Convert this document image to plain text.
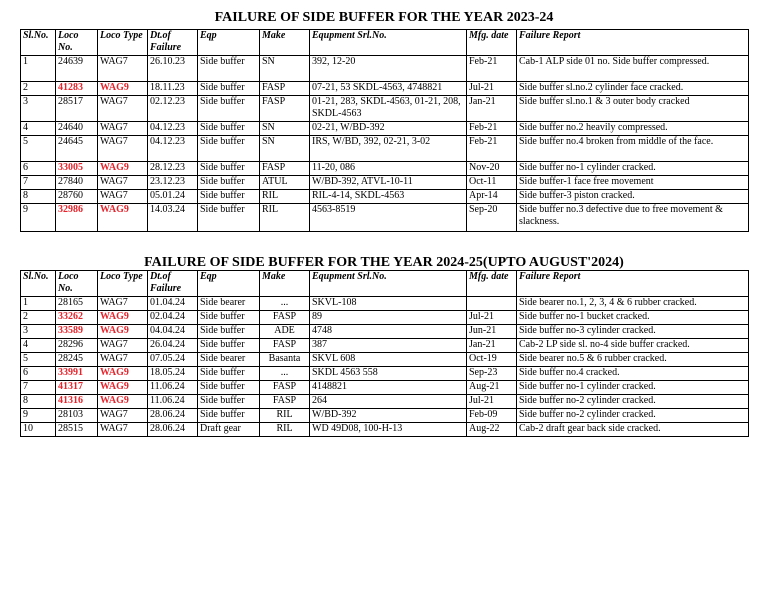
FAILURE OF SIDE BUFFER FOR THE YEAR 2023-24
Sl.No.	Loco No.	Loco Type	Dt.of Failure	Eqp	Make	Equpment Srl.No.	Mfg. date	Failure Report
1	24639	WAG7	26.10.23	Side buffer	SN	392, 12-20	Feb-21	Cab-1 ALP side 01 no. Side buffer compressed.
2	41283	WAG9	18.11.23	Side buffer	FASP	07-21, 53 SKDL-4563, 4748821	Jul-21	Side buffer sl.no.2 cylinder face cracked.
3	28517	WAG7	02.12.23	Side buffer	FASP	01-21, 283, SKDL-4563, 01-21, 208, SKDL-4563	Jan-21	Side buffer sl.no.1 & 3 outer body cracked
4	24640	WAG7	04.12.23	Side buffer	SN	02-21, W/BD-392	Feb-21	Side buffer no.2 heavily compressed.
5	24645	WAG7	04.12.23	Side buffer	SN	IRS, W/BD, 392, 02-21, 3-02	Feb-21	Side buffer no.4 broken from middle of the face.
6	33005	WAG9	28.12.23	Side buffer	FASP	11-20, 086	Nov-20	Side buffer no-1 cylinder cracked.
7	27840	WAG7	23.12.23	Side buffer	ATUL	W/BD-392, ATVL-10-11	Oct-11	Side buffer-1 face free movement
8	28760	WAG7	05.01.24	Side buffer	RIL	RIL-4-14, SKDL-4563	Apr-14	Side buffer-3 piston cracked.
9	32986	WAG9	14.03.24	Side buffer	RIL	4563-8519	Sep-20	Side buffer no.3 defective due to free movement & slackness.
FAILURE OF SIDE BUFFER FOR THE YEAR 2024-25(UPTO AUGUST'2024)
Sl.No.	Loco No.	Loco Type	Dt.of Failure	Eqp	Make	Equpment Srl.No.	Mfg. date	Failure Report
1	28165	WAG7	01.04.24	Side bearer	...	SKVL-108		Side bearer no.1, 2, 3, 4 & 6 rubber cracked.
2	33262	WAG9	02.04.24	Side buffer	FASP	89	Jul-21	Side buffer no-1 bucket cracked.
3	33589	WAG9	04.04.24	Side buffer	ADE	4748	Jun-21	Side buffer no-3 cylinder cracked.
4	28296	WAG7	26.04.24	Side buffer	FASP	387	Jan-21	Cab-2 LP side sl. no-4 side buffer cracked.
5	28245	WAG7	07.05.24	Side bearer	Basanta	SKVL 608	Oct-19	Side bearer no.5 & 6 rubber cracked.
6	33991	WAG9	18.05.24	Side buffer	...	SKDL 4563 558	Sep-23	Side buffer no.4 cracked.
7	41317	WAG9	11.06.24	Side buffer	FASP	4148821	Aug-21	Side buffer no-1 cylinder cracked.
8	41316	WAG9	11.06.24	Side buffer	FASP	264	Jul-21	Side buffer no-2 cylinder cracked.
9	28103	WAG7	28.06.24	Side buffer	RIL	W/BD-392	Feb-09	Side buffer no-2 cylinder cracked.
10	28515	WAG7	28.06.24	Draft gear	RIL	WD 49D08, 100-H-13	Aug-22	Cab-2 draft gear back side cracked.
